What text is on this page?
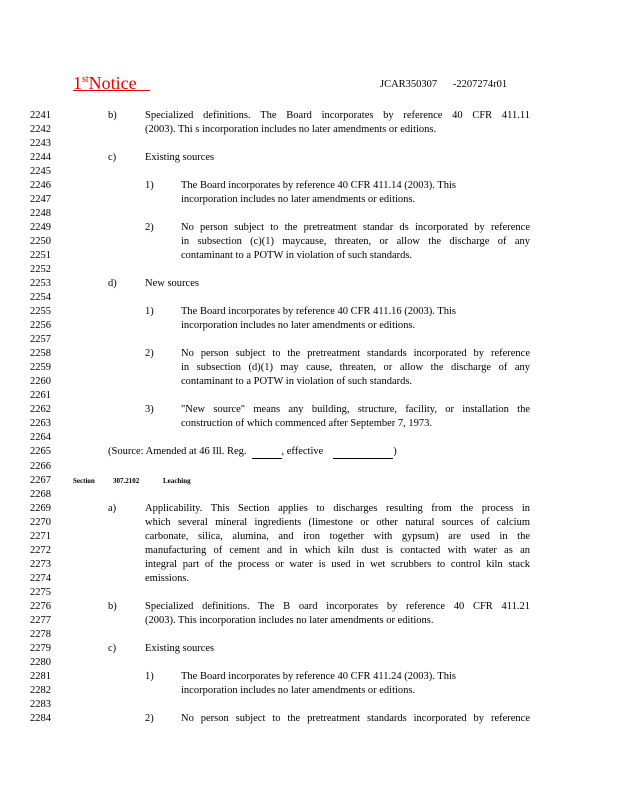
1stNotice	JCAR350307      -2207274r01
2241	b)	Specialized definitions. The Board incorporates by reference 40 CFR 411.11
2242	(2003). Thi s incorporation includes no later amendments or editions.
2243
2244	c)	Existing sources
2245
2246	1)	The Board incorporates by reference 40 CFR 411.14 (2003). This
2247	incorporation includes no later amendments or editions.
2248
2249	2)	No person subject to the pretreatment standar ds incorporated by reference
2250	in subsection (c)(1) maycause, threaten, or allow the discharge of any
2251	contaminant to a POTW in violation of such standards.
2252
2253	d)	New sources
2254
2255	1)	The Board incorporates by reference 40 CFR 411.16 (2003). This
2256	incorporation includes no later amendments or editions.
2257
2258	2)	No person subject to the pretreatment standards incorporated by reference
2259	in subsection (d)(1) may cause, threaten, or allow the discharge of any
2260	contaminant to a POTW in violation of such standards.
2261
2262	3)	"New source" means any building, structure, facility, or installation the
2263	construction of which commenced after September 7, 1973.
2264
2265	(Source: Amended at 46 Ill. Reg.	, effective	)
2266
2267	Section	307.2102	Leaching
2268
2269	a)	Applicability. This Section applies to discharges resulting from the process in
2270	which several mineral ingredients (limestone or other natural sources of calcium
2271	carbonate, silica, alumina, and iron together with gypsum) are used in the
2272	manufacturing of cement and in which kiln dust is contacted with water as an
2273	integral part of the process or water is used in wet scrubbers to control kiln stack
2274	emissions.
2275
2276	b)	Specialized definitions. The B oard incorporates by reference 40 CFR 411.21
2277	(2003). This incorporation includes no later amendments or editions.
2278
2279	c)	Existing sources
2280
2281	1)	The Board incorporates by reference 40 CFR 411.24 (2003). This
2282	incorporation includes no later amendments or editions.
2283
2284	2)	No person subject to the pretreatment standards incorporated by reference
